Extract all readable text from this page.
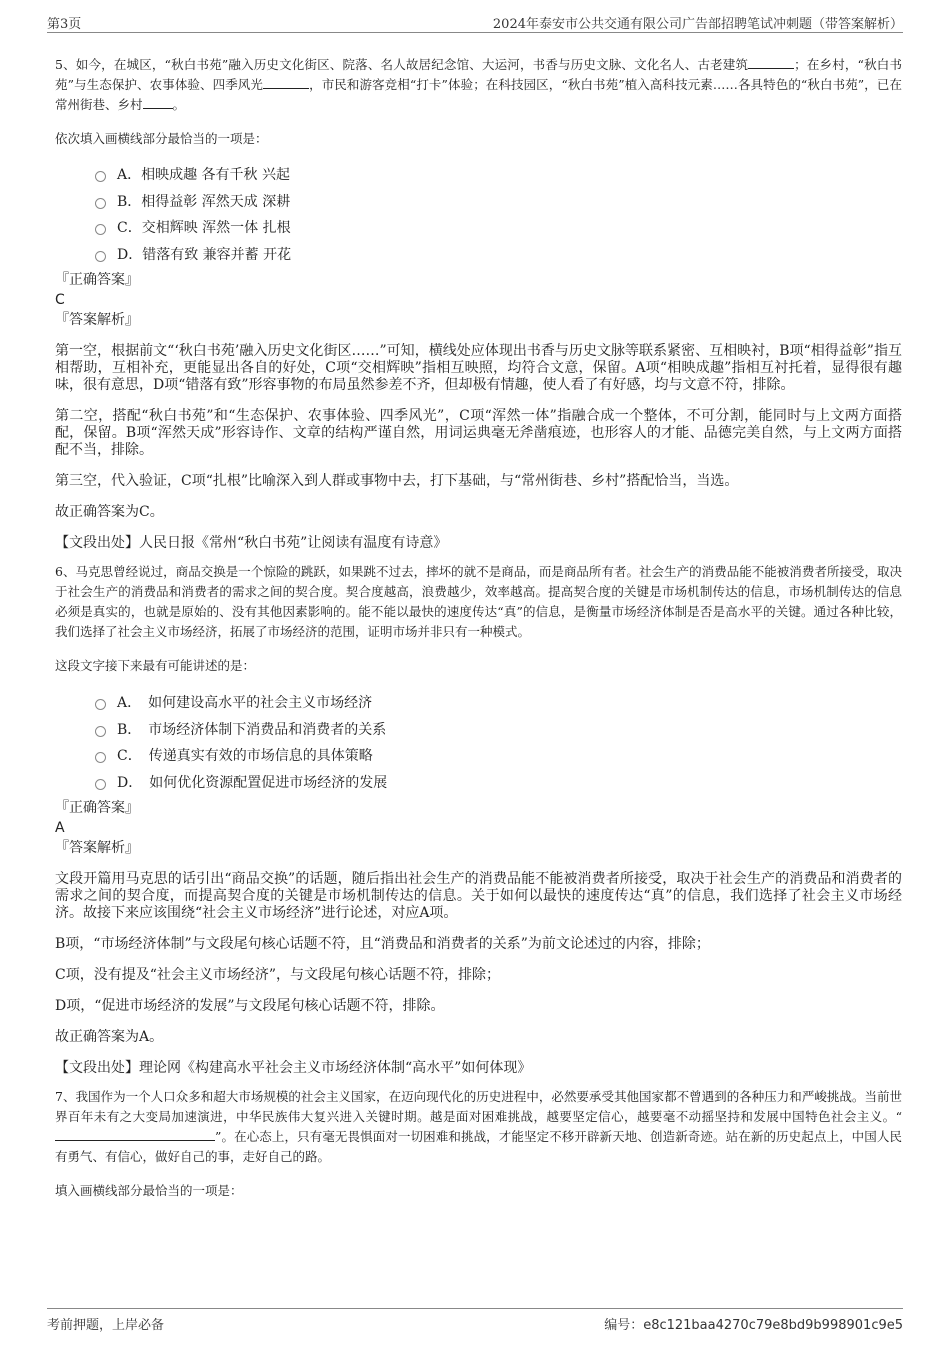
第3页	2024年泰安市公共交通有限公司广告部招聘笔试冲刺题（带答案解析）

5、如今，在城区，“秋白书苑”融入历史文化街区、院落、名人故居纪念馆、大运河，书香与历史文脉、文化名人、古老建筑	；在乡村，“秋白书苑”与生态保护、农事体验、四季风光	，市民和游客竞相“打卡”体验；在科技园区，“秋白书苑”植入高科技元素……各具特色的“秋白书苑”，已在常州街巷、乡村 。

依次填入画横线部分最恰当的一项是：

A．相映成趣 各有千秋 兴起
B．相得益彰 浑然天成 深耕
C．交相辉映 浑然一体 扎根
D．错落有致 兼容并蓄 开花
『正确答案』
C
『答案解析』

第一空，根据前文“‘秋白书苑’融入历史文化街区……”可知，横线处应体现出书香与历史文脉等联系紧密、互相映衬，B项“相得益彰”指互相帮助，互相补充，更能显出各自的好处，C项“交相辉映”指相互映照，均符合文意，保留。A项“相映成趣”指相互衬托着，显得很有趣味，很有意思，D项“错落有致”形容事物的布局虽然参差不齐，但却极有情趣，使人看了有好感，均与文意不符，排除。

第二空，搭配“秋白书苑”和“生态保护、农事体验、四季风光”，C项“浑然一体”指融合成一个整体，不可分割，能同时与上文两方面搭配，保留。B项“浑然天成”形容诗作、文章的结构严谨自然，用词运典毫无斧凿痕迹，也形容人的才能、品德完美自然，与上文两方面搭配不当，排除。

第三空，代入验证，C项“扎根”比喻深入到人群或事物中去，打下基础，与“常州街巷、乡村”搭配恰当，当选。

故正确答案为C。

【文段出处】人民日报《常州“秋白书苑”让阅读有温度有诗意》

6、马克思曾经说过，商品交换是一个惊险的跳跃，如果跳不过去，摔坏的就不是商品，而是商品所有者。社会生产的消费品能不能被消费者所接受，取决于社会生产的消费品和消费者的需求之间的契合度。契合度越高，浪费越少，效率越高。提高契合度的关键是市场机制传达的信息，市场机制传达的信息必须是真实的，也就是原始的、没有其他因素影响的。能不能以最快的速度传达“真”的信息，是衡量市场经济体制是否是高水平的关键。通过各种比较，我们选择了社会主义市场经济，拓展了市场经济的范围，证明市场并非只有一种模式。

这段文字接下来最有可能讲述的是：

A．　如何建设高水平的社会主义市场经济
B．　市场经济体制下消费品和消费者的关系
C．　传递真实有效的市场信息的具体策略
D．　如何优化资源配置促进市场经济的发展
『正确答案』
A
『答案解析』

文段开篇用马克思的话引出“商品交换”的话题，随后指出社会生产的消费品能不能被消费者所接受，取决于社会生产的消费品和消费者的需求之间的契合度，而提高契合度的关键是市场机制传达的信息。关于如何以最快的速度传达“真”的信息，我们选择了社会主义市场经济。故接下来应该围绕“社会主义市场经济”进行论述，对应A项。

B项，“市场经济体制”与文段尾句核心话题不符，且“消费品和消费者的关系”为前文论述过的内容，排除；

C项，没有提及“社会主义市场经济”，与文段尾句核心话题不符，排除；

D项，“促进市场经济的发展”与文段尾句核心话题不符，排除。

故正确答案为A。

【文段出处】理论网《构建高水平社会主义市场经济体制“高水平”如何体现》

7、我国作为一个人口众多和超大市场规模的社会主义国家，在迈向现代化的历史进程中，必然要承受其他国家都不曾遇到的各种压力和严峻挑战。当前世界百年未有之大变局加速演进，中华民族伟大复兴进入关键时期。越是面对困难挑战，越要坚定信心，越要毫不动摇坚持和发展中国特色社会主义。“”。在心态上，只有毫无畏惧面对一切困难和挑战，才能坚定不移开辟新天地、创造新奇迹。站在新的历史起点上，中国人民有勇气、有信心，做好自己的事，走好自己的路。

填入画横线部分最恰当的一项是：

考前押题，上岸必备	编号：e8c121baa4270c79e8bd9b998901c9e5
